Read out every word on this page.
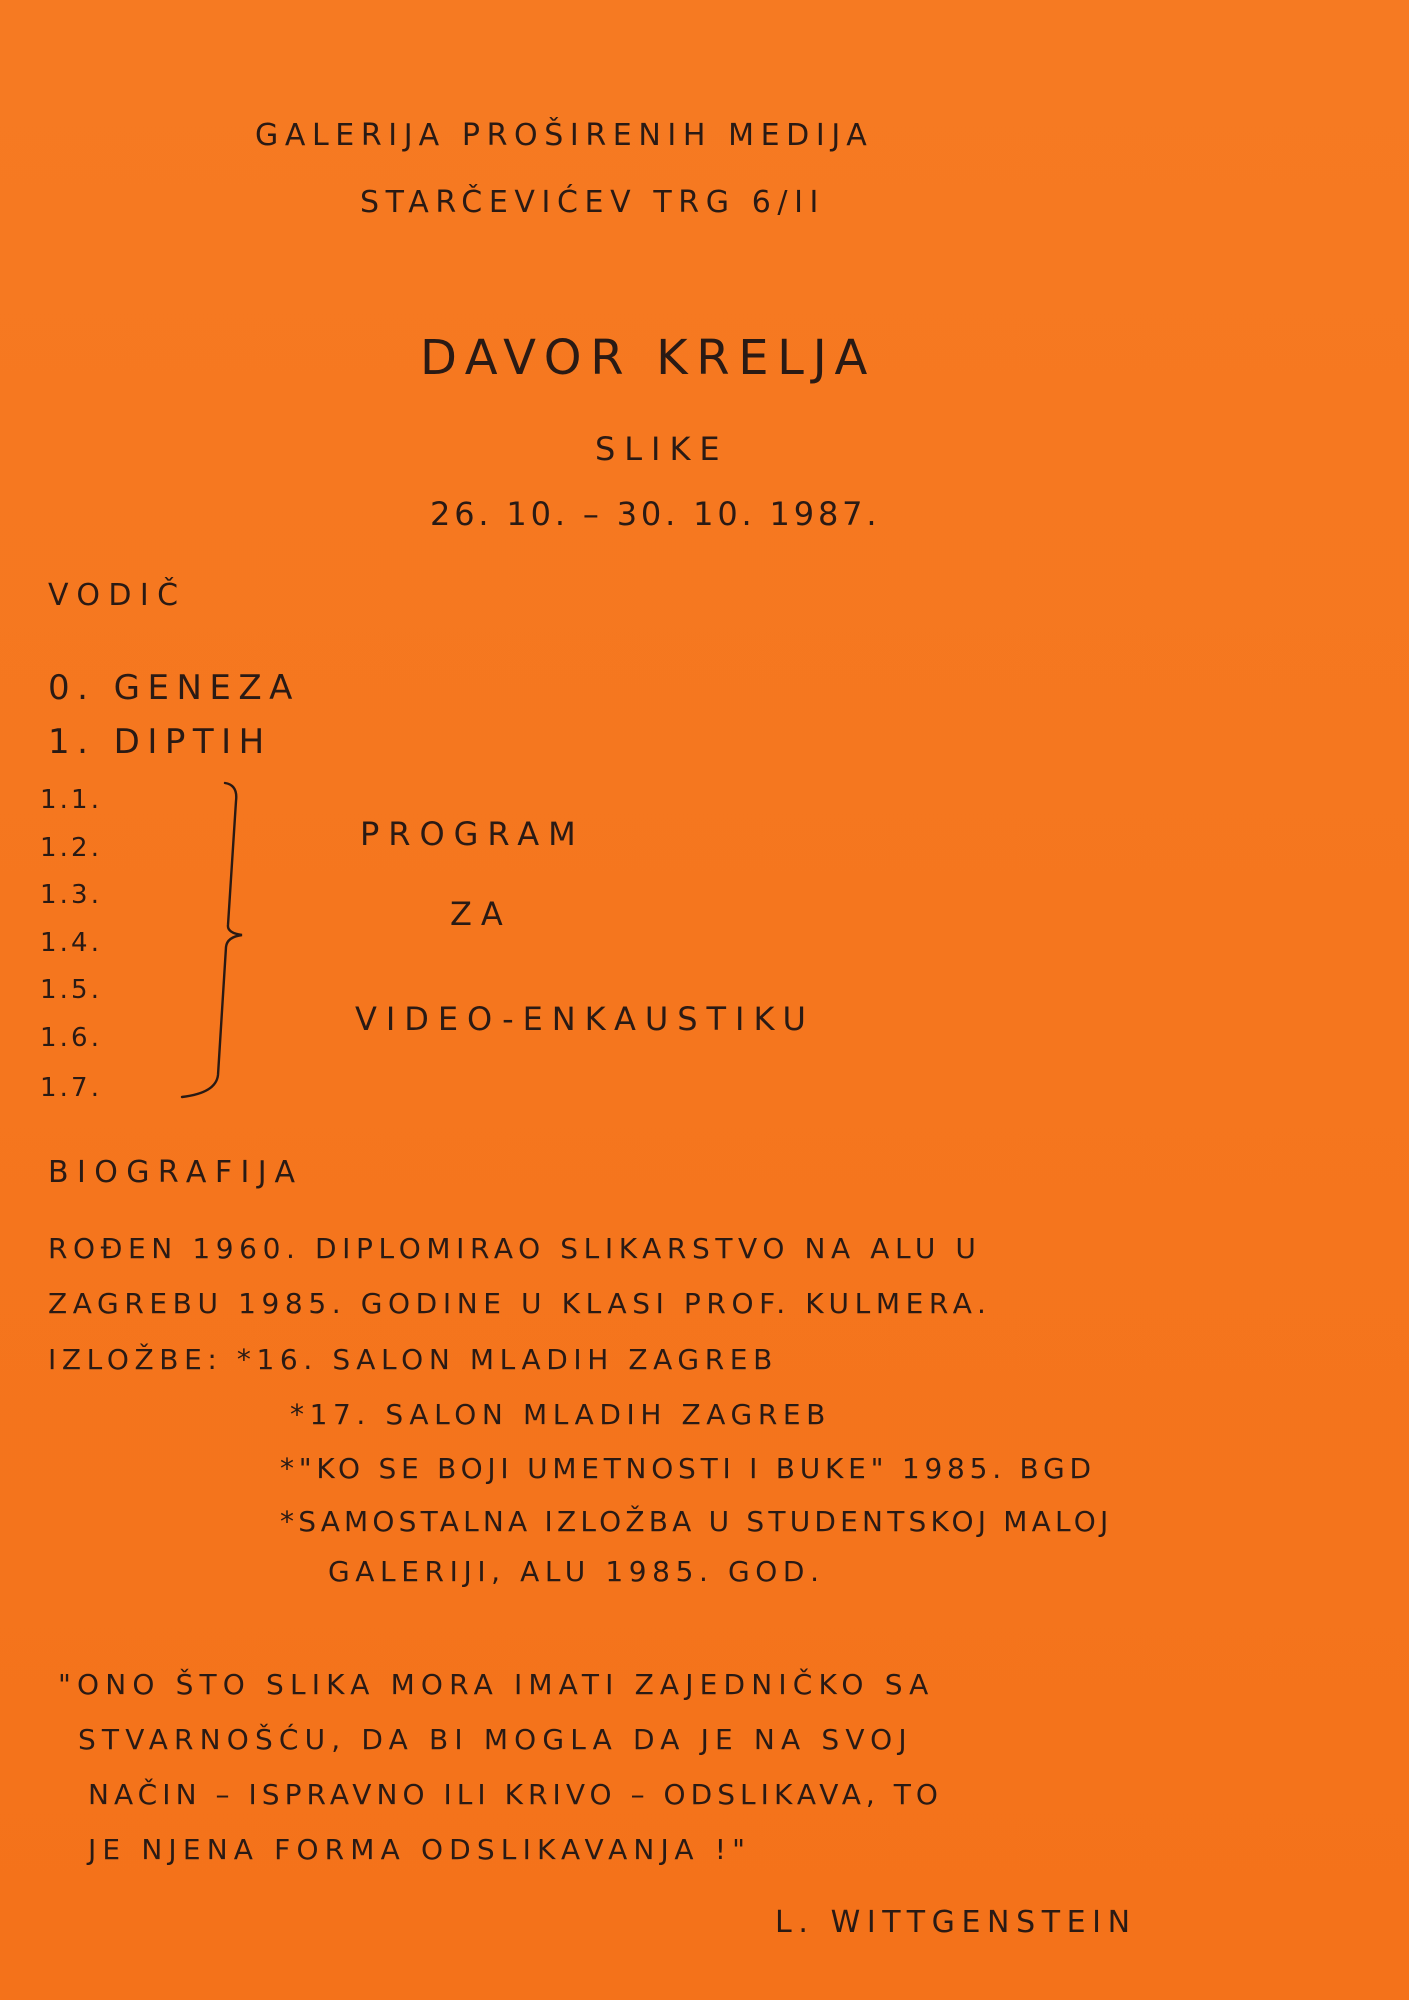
GALERIJA PROŠIRENIH MEDIJA
STARČEVIĆEV TRG 6/II
DAVOR KRELJA
SLIKE
26. 10. – 30. 10. 1987.
VODIČ
0. GENEZA
1. DIPTIH
1.1.
1.2.
1.3.
1.4.
1.5.
1.6.
1.7.
PROGRAM
ZA
VIDEO-ENKAUSTIKU
BIOGRAFIJA
ROĐEN 1960. DIPLOMIRAO SLIKARSTVO NA ALU U
ZAGREBU 1985. GODINE U KLASI PROF. KULMERA.
IZLOŽBE: *16. SALON MLADIH ZAGREB
*17. SALON MLADIH ZAGREB
*"KO SE BOJI UMETNOSTI I BUKE" 1985. BGD
*SAMOSTALNA IZLOŽBA U STUDENTSKOJ MALOJ
GALERIJI, ALU 1985. GOD.
"ONO ŠTO SLIKA MORA IMATI ZAJEDNIČKO SA
STVARNOŠĆU, DA BI MOGLA DA JE NA SVOJ
NAČIN – ISPRAVNO ILI KRIVO – ODSLIKAVA, TO
JE NJENA FORMA ODSLIKAVANJA !"
L. WITTGENSTEIN
